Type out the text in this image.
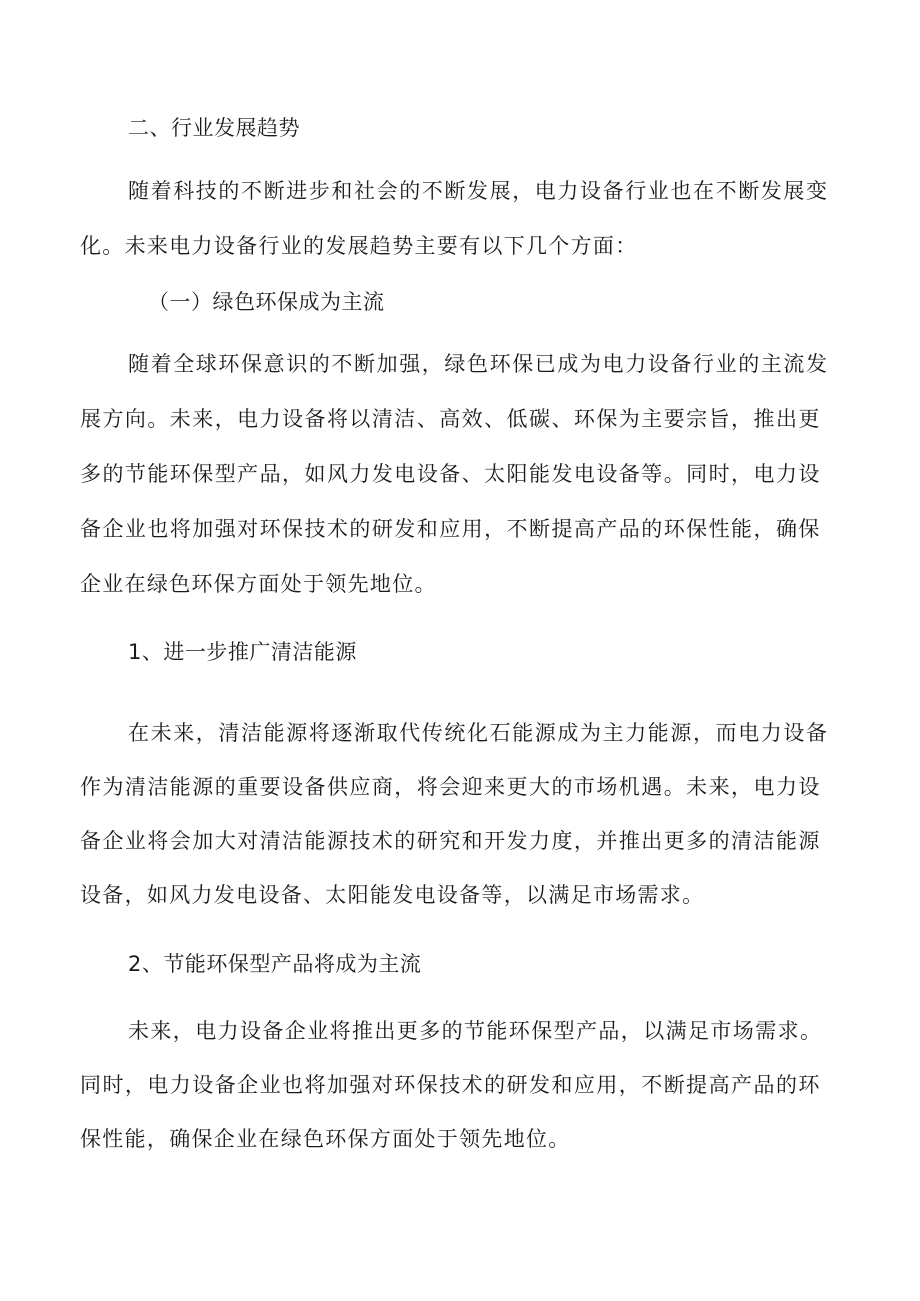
二、行业发展趋势
随着科技的不断进步和社会的不断发展，电力设备行业也在不断发展变
化。未来电力设备行业的发展趋势主要有以下几个方面：
（一）绿色环保成为主流
随着全球环保意识的不断加强，绿色环保已成为电力设备行业的主流发
展方向。未来，电力设备将以清洁、高效、低碳、环保为主要宗旨，推出更
多的节能环保型产品，如风力发电设备、太阳能发电设备等。同时，电力设
备企业也将加强对环保技术的研发和应用，不断提高产品的环保性能，确保
企业在绿色环保方面处于领先地位。
1、进一步推广清洁能源
在未来，清洁能源将逐渐取代传统化石能源成为主力能源，而电力设备
作为清洁能源的重要设备供应商，将会迎来更大的市场机遇。未来，电力设
备企业将会加大对清洁能源技术的研究和开发力度，并推出更多的清洁能源
设备，如风力发电设备、太阳能发电设备等，以满足市场需求。
2、节能环保型产品将成为主流
未来，电力设备企业将推出更多的节能环保型产品，以满足市场需求。
同时，电力设备企业也将加强对环保技术的研发和应用，不断提高产品的环
保性能，确保企业在绿色环保方面处于领先地位。
